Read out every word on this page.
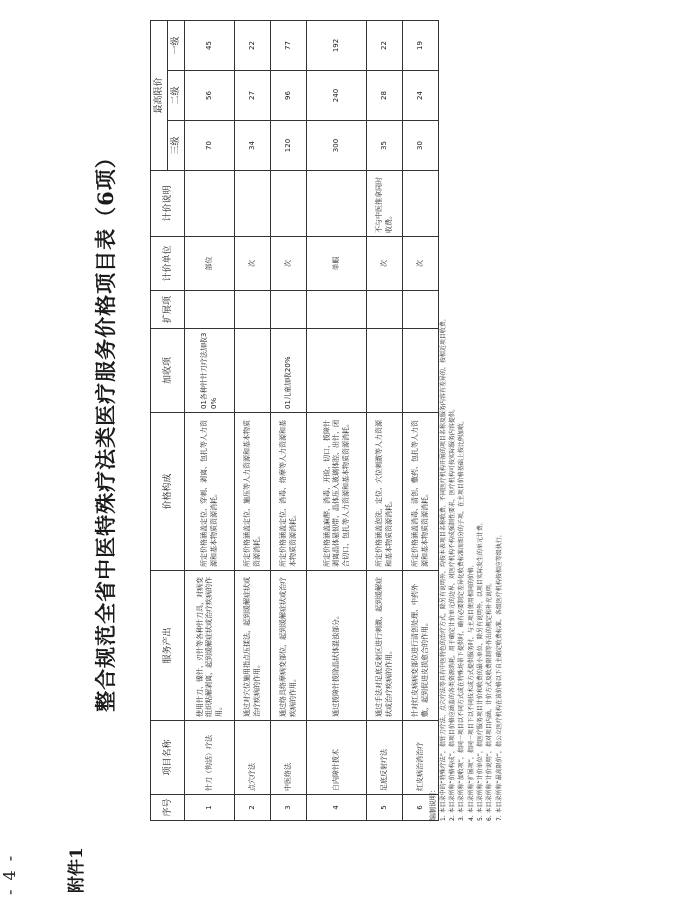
- 4 -	附件1
整合规范全省中医特殊疗法类医疗服务价格项目表（6项）
序号	项目名称	服务产出	价格构成	加收项	扩展项	计价单位	计价说明	最高限价		
								三级	二级	一级
1	针刀（钩活）疗法	使用针刀、镍针、刃针等各种针刀具，对病变组织粘解剥离，起到缓解症状或治疗疾病的作用。	所定价格涵盖定位、穿刺、剥离、包扎等人力资源和基本物质资源消耗。	01各种针针刀疗法加收30%		部位		70	56	45
2	点穴疗法	通过对穴位施用指点压揉法，起到缓解症状或治疗疾病的作用。	所定价格涵盖定位、施压等人力资源和基本物质资源消耗。			次		34	27	22
3	中医络法	通过络具络摩病变部位，起到缓解症状或治疗疾病的作用。	所定价格涵盖定位、消毒、络摩等人力资源和基本物质资源消耗。	01儿童加收20%		次		120	96	77
4	白内障针拨术	通过拨障针拨除晶状体混浊部分。	所定价格涵盖麻醉、消毒、开睑、切口、拨障针剥离晶体悬韧带、晶体压入玻璃体腔、出针、闭合切口、包扎等人力资源和基本物质资源消耗。			单眼		300	240	192
5	足底反射疗法	通过手法对足底反射区进行刺激，起到缓解症状或治疗疾病的作用。	所定价格涵盖泡洗、定位、穴位刺激等人力资源和基本物质资源消耗。			次	不与中医推拿同时收费。	35	28	22
6	红皮病治消治疗	针对红皮病病变部位进行清创处理、中药外敷，起到促进皮损愈合的作用。	所定价格涵盖消毒、清创、敷药、包扎等人力资源和基本物质资源消耗。			次		30	24	19
编制说明： 1. 本目录中的“特殊疗法”，指针刀疗法、点穴疗法等具有中医特色的治疗方式，除另有说明外，均按本表项目名称收费。不同医疗机构开展的项目名称及服务内容有差异的，按相近项目收费。 2. 本目录所称“价格构成”，指项目价格应涵盖的各类资源消耗，用于确定计价单元的边界，对医疗机构不构成强制性要求，医疗机构可按实际服务内容提供。 3. 本目录所称“加收项”，指同一项目以不同方式或在特殊场景下提供时，确有必要制定差异化收费标准而细分的子项，在主项目价格基础上按比例加收。 4. 本目录所称“扩展项”，指同一项目下以不同技术或方式提供服务时，与主项目使用相同的价格。 5. 本目录所称“计价单位”，指医疗服务项目计价和收费的最小单位，除另有说明外，以项目实际发生的单元计费。 6. 本目录所称“计价说明”，指对项目内涵、计价方式及收费限制等作出的规定和补充说明。 7. 本目录所称“最高限价”，指公立医疗机构在该价格以下自主确定收费标准，各级医疗机构按相应等级执行。
